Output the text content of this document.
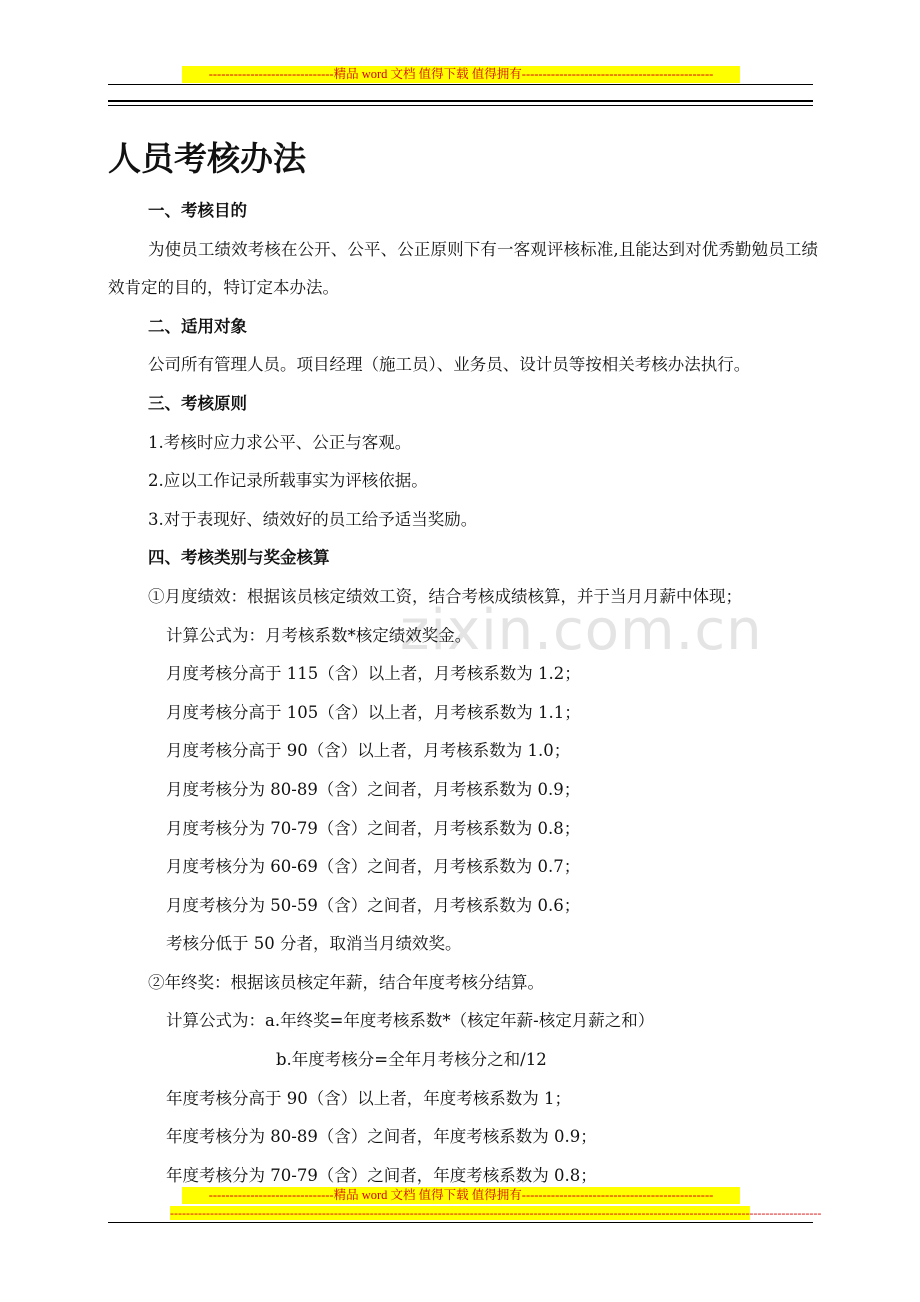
------------------------------精品 word 文档 值得下载 值得拥有----------------------------------------------
zixin.com.cn
人员考核办法
一、考核目的
为使员工绩效考核在公开、公平、公正原则下有一客观评核标准,且能达到对优秀勤勉员工绩效肯定的目的，特订定本办法。
二、适用对象
公司所有管理人员。项目经理（施工员）、业务员、设计员等按相关考核办法执行。
三、考核原则
1.考核时应力求公平、公正与客观。
2.应以工作记录所载事实为评核依据。
3.对于表现好、绩效好的员工给予适当奖励。
四、考核类别与奖金核算
①月度绩效：根据该员核定绩效工资，结合考核成绩核算，并于当月月薪中体现；
计算公式为：月考核系数*核定绩效奖金。
月度考核分高于 115（含）以上者，月考核系数为 1.2；
月度考核分高于 105（含）以上者，月考核系数为 1.1；
月度考核分高于 90（含）以上者，月考核系数为 1.0；
月度考核分为 80-89（含）之间者，月考核系数为 0.9；
月度考核分为 70-79（含）之间者，月考核系数为 0.8；
月度考核分为 60-69（含）之间者，月考核系数为 0.7；
月度考核分为 50-59（含）之间者，月考核系数为 0.6；
考核分低于 50 分者，取消当月绩效奖。
②年终奖：根据该员核定年薪，结合年度考核分结算。
计算公式为：a.年终奖=年度考核系数*（核定年薪-核定月薪之和）
b.年度考核分=全年月考核分之和/12
年度考核分高于 90（含）以上者，年度考核系数为 1；
年度考核分为 80-89（含）之间者，年度考核系数为 0.9；
年度考核分为 70-79（含）之间者，年度考核系数为 0.8；
------------------------------精品 word 文档 值得下载 值得拥有----------------------------------------------
-------------------------------------------------------------------------------------------------------------------------------------------------------------------
